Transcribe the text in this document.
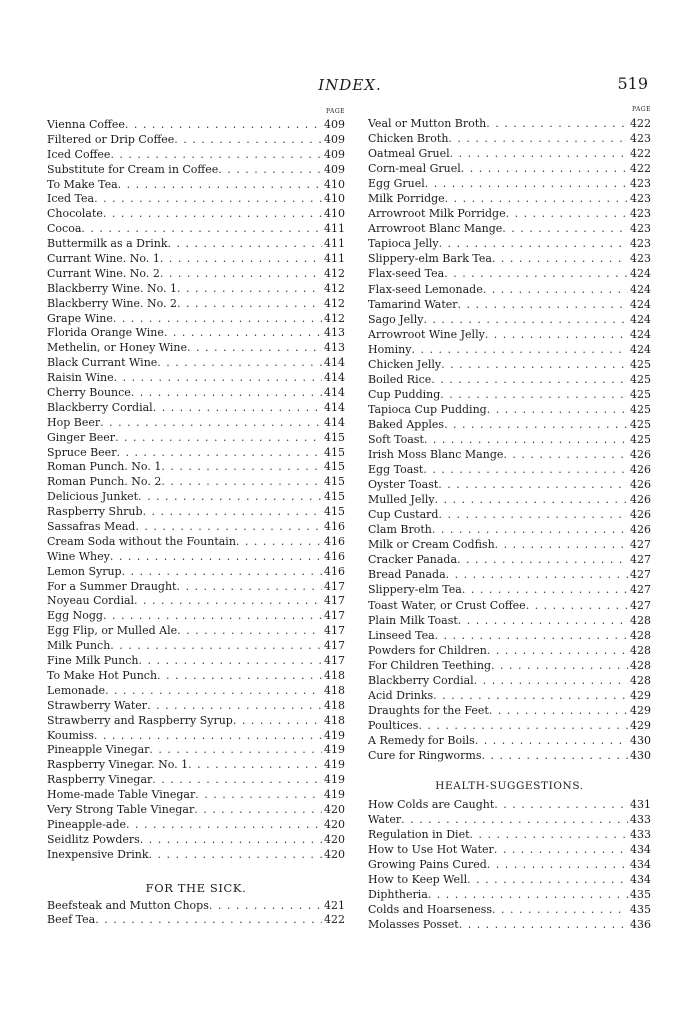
INDEX.	519
PAGE
Vienna Coffee . . .	409
Filtered or Drip Coffee . . .	409
Iced Coffee . . .	409
Substitute for Cream in Coffee . . .	409
To Make Tea . . .	410
Iced Tea . . .	410
Chocolate . . .	410
Cocoa . . .	411
Buttermilk as a Drink . . .	411
Currant Wine. No. 1 . . .	411
Currant Wine. No. 2 . . .	412
Blackberry Wine. No. 1 . . .	412
Blackberry Wine. No. 2 . . .	412
Grape Wine . . .	412
Florida Orange Wine . . .	413
Methelin, or Honey Wine . . .	413
Black Currant Wine . . .	414
Raisin Wine . . .	414
Cherry Bounce . . .	414
Blackberry Cordial . . .	414
Hop Beer . . .	414
Ginger Beer . . .	415
Spruce Beer . . .	415
Roman Punch. No. 1 . . .	415
Roman Punch. No. 2 . . .	415
Delicious Junket . . .	415
Raspberry Shrub . . .	415
Sassafras Mead . . .	416
Cream Soda without the Fountain . . .	416
Wine Whey . . .	416
Lemon Syrup . . .	416
For a Summer Draught . . .	417
Noyeau Cordial . . .	417
Egg Nogg . . .	417
Egg Flip, or Mulled Ale . . .	417
Milk Punch . . .	417
Fine Milk Punch . . .	417
To Make Hot Punch . . .	418
Lemonade . . .	418
Strawberry Water . . .	418
Strawberry and Raspberry Syrup . . .	418
Koumiss . . .	419
Pineapple Vinegar . . .	419
Raspberry Vinegar. No. 1 . . .	419
Raspberry Vinegar . . .	419
Home-made Table Vinegar . . .	419
Very Strong Table Vinegar . . .	420
Pineapple-ade . . .	420
Seidlitz Powders . . .	420
Inexpensive Drink . . .	420
FOR THE SICK.
Beefsteak and Mutton Chops . . .	421
Beef Tea . . .	422
PAGE
Veal or Mutton Broth . . .	422
Chicken Broth . . .	423
Oatmeal Gruel . . .	422
Corn-meal Gruel . . .	422
Egg Gruel . . .	423
Milk Porridge . . .	423
Arrowroot Milk Porridge . . .	423
Arrowroot Blanc Mange . . .	423
Tapioca Jelly . . .	423
Slippery-elm Bark Tea . . .	423
Flax-seed Tea . . .	424
Flax-seed Lemonade . . .	424
Tamarind Water . . .	424
Sago Jelly . . .	424
Arrowroot Wine Jelly . . .	424
Hominy . . .	424
Chicken Jelly . . .	425
Boiled Rice . . .	425
Cup Pudding . . .	425
Tapioca Cup Pudding . . .	425
Baked Apples . . .	425
Soft Toast . . .	425
Irish Moss Blanc Mange . . .	426
Egg Toast . . .	426
Oyster Toast . . .	426
Mulled Jelly . . .	426
Cup Custard . . .	426
Clam Broth . . .	426
Milk or Cream Codfish . . .	427
Cracker Panada . . .	427
Bread Panada . . .	427
Slippery-elm Tea . . .	427
Toast Water, or Crust Coffee . . .	427
Plain Milk Toast . . .	428
Linseed Tea . . .	428
Powders for Children . . .	428
For Children Teething . . .	428
Blackberry Cordial . . .	428
Acid Drinks . . .	429
Draughts for the Feet . . .	429
Poultices . . .	429
A Remedy for Boils . . .	430
Cure for Ringworms . . .	430
HEALTH-SUGGESTIONS.
How Colds are Caught . . .	431
Water . . .	433
Regulation in Diet . . .	433
How to Use Hot Water . . .	434
Growing Pains Cured . . .	434
How to Keep Well . . .	434
Diphtheria . . .	435
Colds and Hoarseness . . .	435
Molasses Posset . . .	436
